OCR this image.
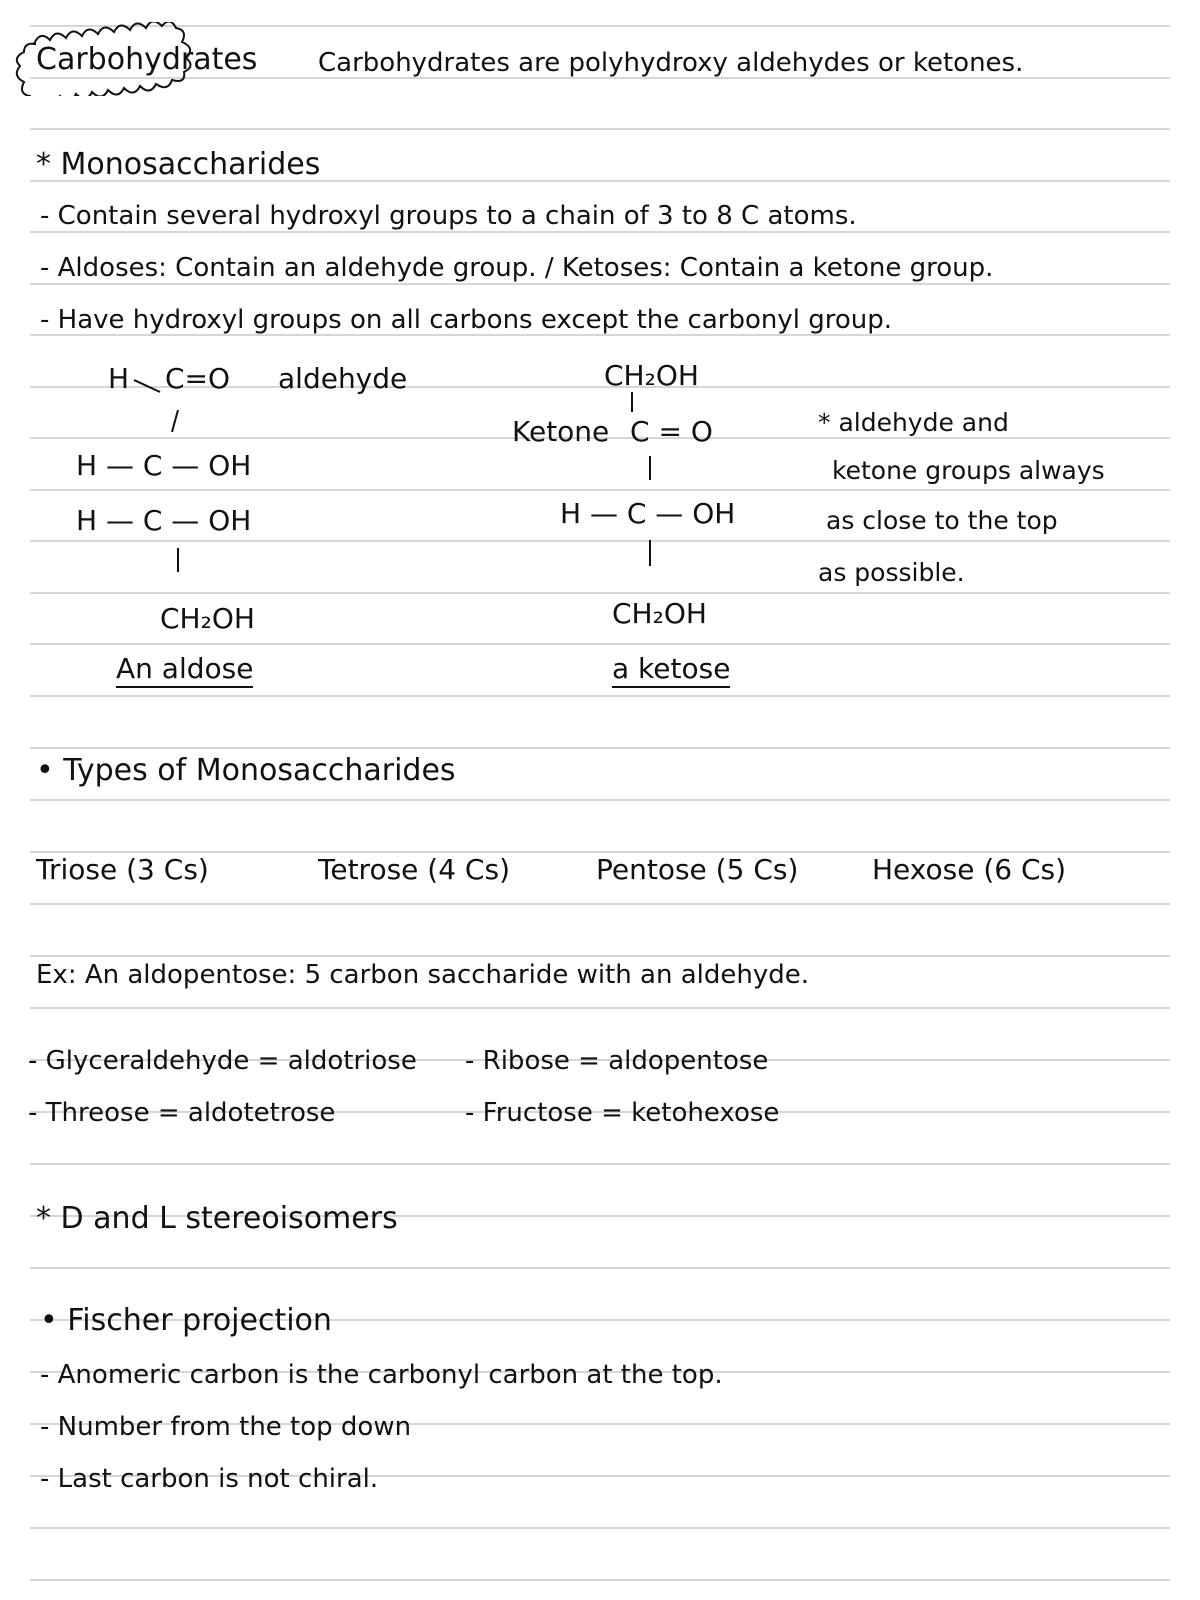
Carbohydrates Carbohydrates are polyhydroxy aldehydes or ketones.
* Monosaccharides
- Contain several hydroxyl groups to a chain of 3 to 8 C atoms.
- Aldoses: Contain an aldehyde group. / Ketoses: Contain a ketone group.
- Have hydroxyl groups on all carbons except the carbonyl group.
H C=O aldehyde
H — C — OH
H — C — OH
CH₂OH
An aldose
CH₂OH
Ketone C = O
H — C — OH
CH₂OH
a ketose
* aldehyde and
ketone groups always
as close to the top
as possible.
• Types of Monosaccharides
Triose (3 Cs)	Tetrose (4 Cs)	Pentose (5 Cs)	Hexose (6 Cs)
Ex: An aldopentose: 5 carbon saccharide with an aldehyde.
- Glyceraldehyde = aldotriose
- Threose = aldotetrose
- Ribose = aldopentose
- Fructose = ketohexose
* D and L stereoisomers
• Fischer projection
- Anomeric carbon is the carbonyl carbon at the top.
- Number from the top down
- Last carbon is not chiral.
